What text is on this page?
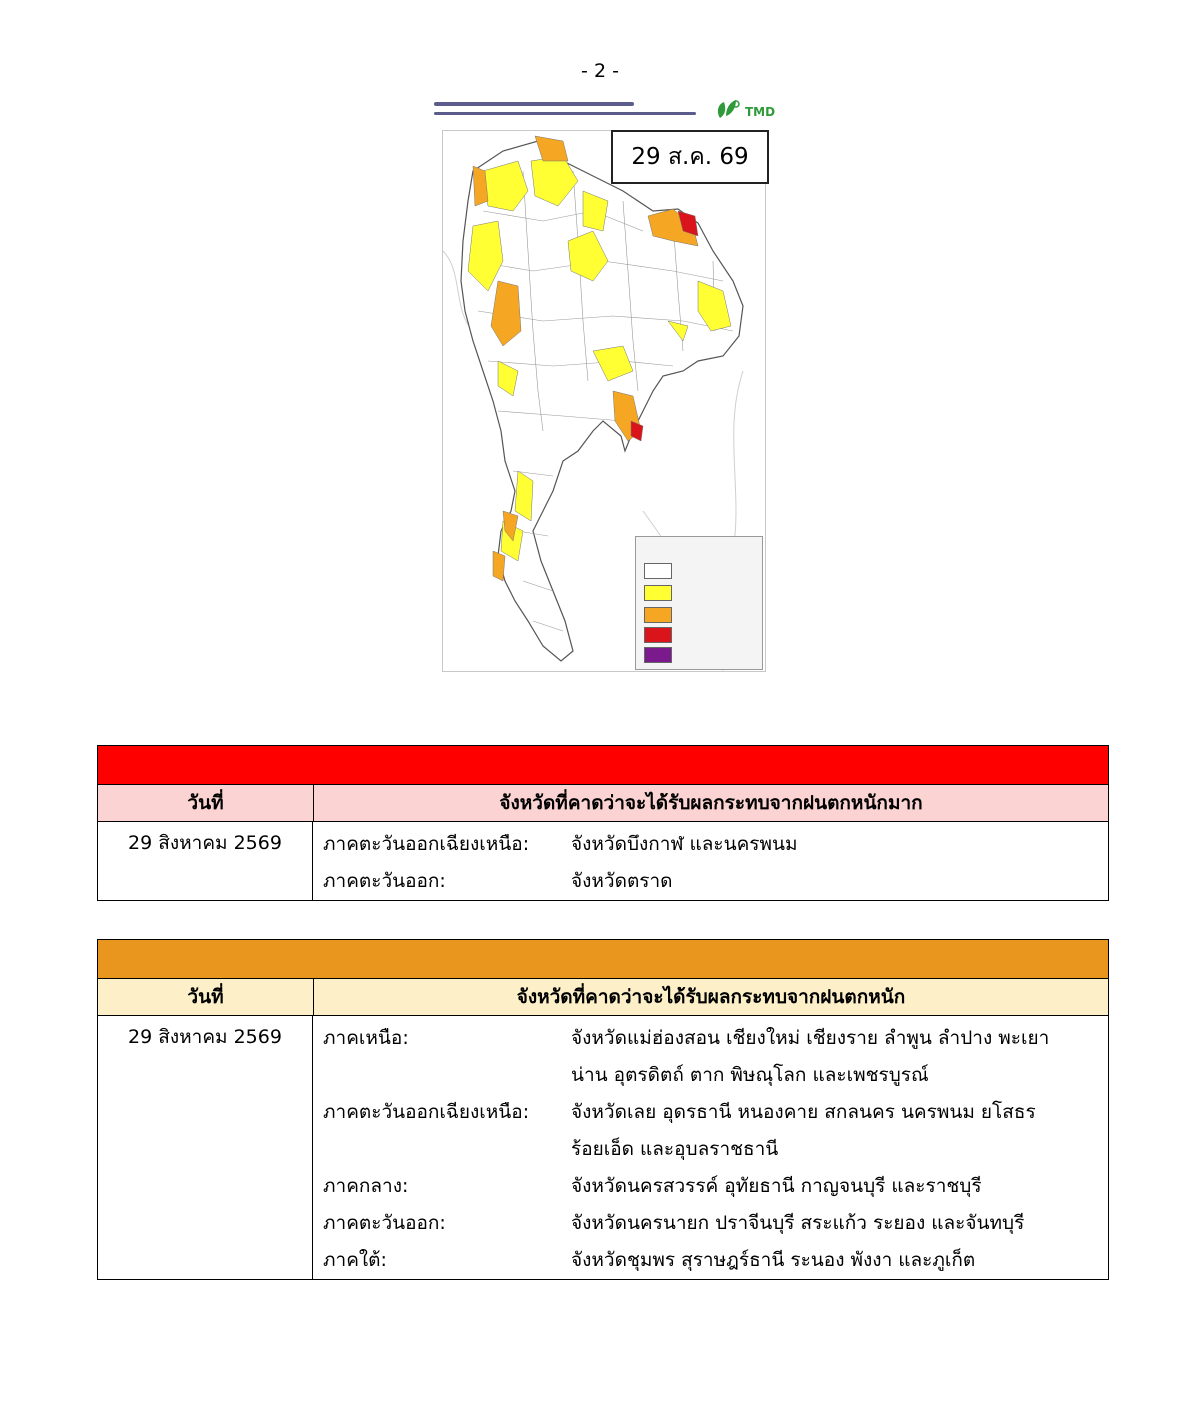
- 2 -
TMD
29 ส.ค. 69
วันที่	จังหวัดที่คาดว่าจะได้รับผลกระทบจากฝนตกหนักมาก
29 สิงหาคม 2569	ภาคตะวันออกเฉียงเหนือ:	จังหวัดบึงกาฬ และนครพนม
ภาคตะวันออก:	จังหวัดตราด
วันที่	จังหวัดที่คาดว่าจะได้รับผลกระทบจากฝนตกหนัก
29 สิงหาคม 2569	ภาคเหนือ:	จังหวัดแม่ฮ่องสอน เชียงใหม่ เชียงราย ลำพูน ลำปาง พะเยา
น่าน อุตรดิตถ์ ตาก พิษณุโลก และเพชรบูรณ์
ภาคตะวันออกเฉียงเหนือ:	จังหวัดเลย อุดรธานี หนองคาย สกลนคร นครพนม ยโสธร
ร้อยเอ็ด และอุบลราชธานี
ภาคกลาง:	จังหวัดนครสวรรค์ อุทัยธานี กาญจนบุรี และราชบุรี
ภาคตะวันออก:	จังหวัดนครนายก ปราจีนบุรี สระแก้ว ระยอง และจันทบุรี
ภาคใต้:	จังหวัดชุมพร สุราษฎร์ธานี ระนอง พังงา และภูเก็ต
